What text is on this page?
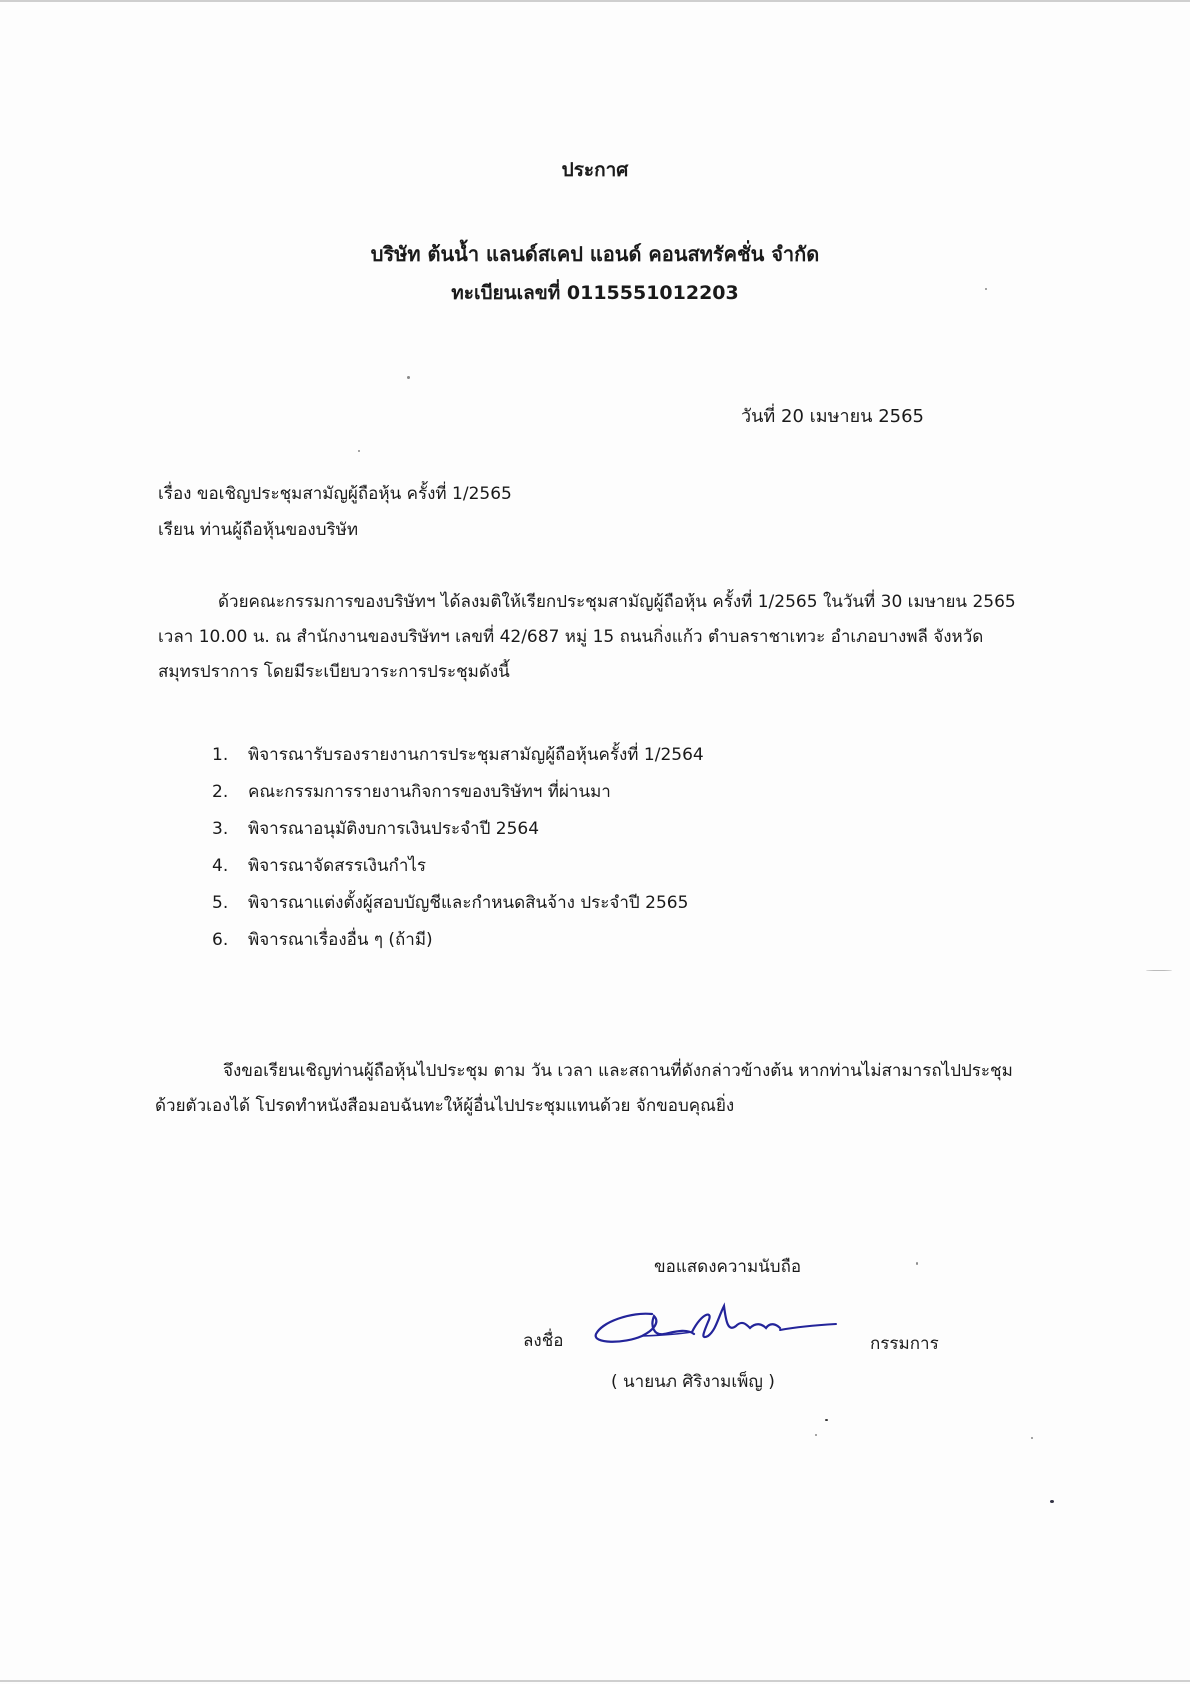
ประกาศ
บริษัท ต้นน้ำ แลนด์สเคป แอนด์ คอนสทรัคชั่น จำกัด
ทะเบียนเลขที่ 0115551012203
วันที่ 20 เมษายน 2565
เรื่อง ขอเชิญประชุมสามัญผู้ถือหุ้น ครั้งที่ 1/2565
เรียน ท่านผู้ถือหุ้นของบริษัท
ด้วยคณะกรรมการของบริษัทฯ ได้ลงมติให้เรียกประชุมสามัญผู้ถือหุ้น ครั้งที่ 1/2565 ในวันที่ 30 เมษายน 2565 เวลา 10.00 น. ณ สำนักงานของบริษัทฯ เลขที่ 42/687 หมู่ 15 ถนนกิ่งแก้ว ตำบลราชาเทวะ อำเภอบางพลี จังหวัดสมุทรปราการ โดยมีระเบียบวาระการประชุมดังนี้
1. พิจารณารับรองรายงานการประชุมสามัญผู้ถือหุ้นครั้งที่ 1/2564
2. คณะกรรมการรายงานกิจการของบริษัทฯ ที่ผ่านมา
3. พิจารณาอนุมัติงบการเงินประจำปี 2564
4. พิจารณาจัดสรรเงินกำไร
5. พิจารณาแต่งตั้งผู้สอบบัญชีและกำหนดสินจ้าง ประจำปี 2565
6. พิจารณาเรื่องอื่น ๆ (ถ้ามี)
จึงขอเรียนเชิญท่านผู้ถือหุ้นไปประชุม ตาม วัน เวลา และสถานที่ดังกล่าวข้างต้น หากท่านไม่สามารถไปประชุมด้วยตัวเองได้ โปรดทำหนังสือมอบฉันทะให้ผู้อื่นไปประชุมแทนด้วย จักขอบคุณยิ่ง
ขอแสดงความนับถือ
ลงชื่อ	กรรมการ
( นายนภ ศิริงามเพ็ญ )
